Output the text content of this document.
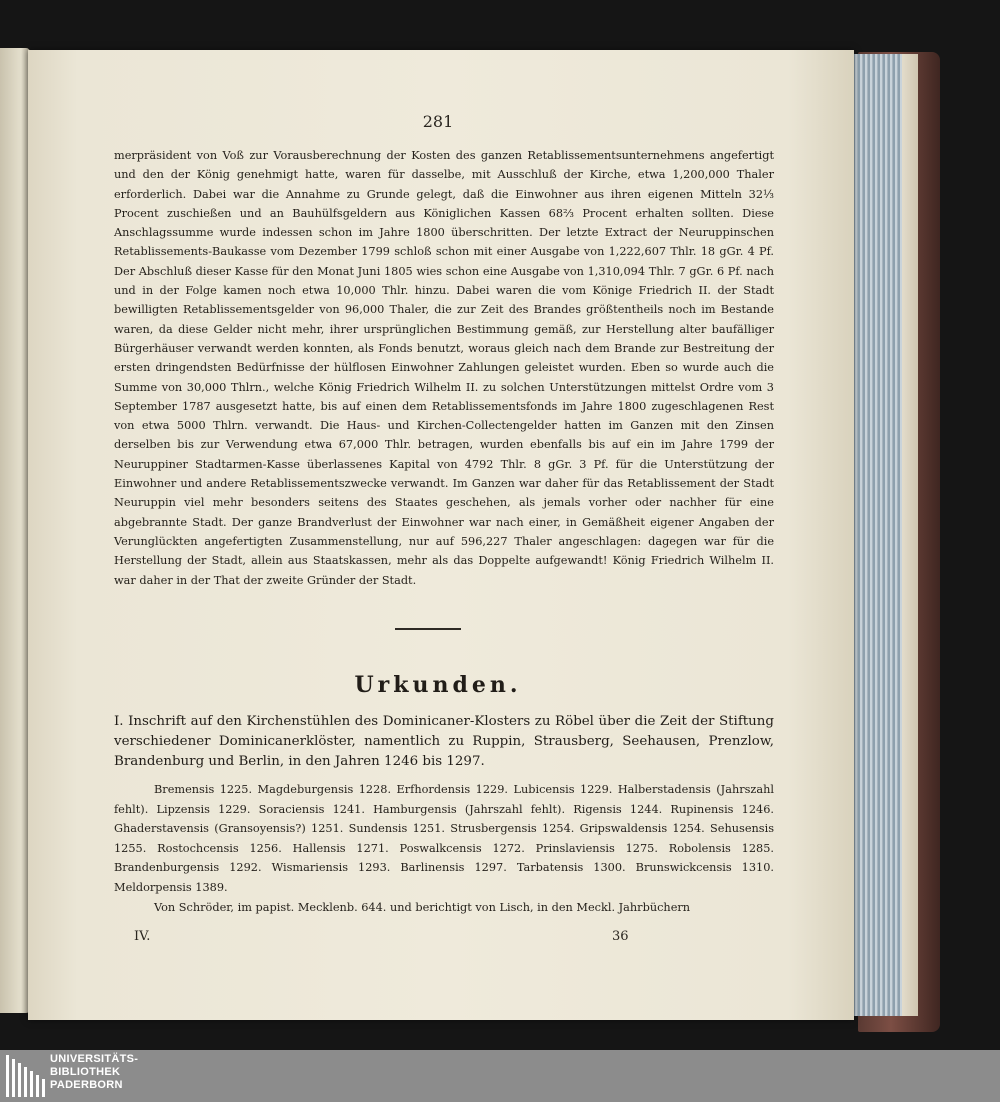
281

merpräsident von Voß zur Vorausberechnung der Kosten des ganzen Retablissementsunternehmens angefertigt und den der König genehmigt hatte, waren für dasselbe, mit Ausschluß der Kirche, etwa 1,200,000 Thaler erforderlich. Dabei war die Annahme zu Grunde gelegt, daß die Einwohner aus ihren eigenen Mitteln 32⅓ Procent zuschießen und an Bauhülfsgeldern aus Königlichen Kassen 68⅔ Procent erhalten sollten. Diese Anschlagssumme wurde indessen schon im Jahre 1800 überschritten. Der letzte Extract der Neuruppinschen Retablissements-Baukasse vom Dezember 1799 schloß schon mit einer Ausgabe von 1,222,607 Thlr. 18 gGr. 4 Pf. Der Abschluß dieser Kasse für den Monat Juni 1805 wies schon eine Ausgabe von 1,310,094 Thlr. 7 gGr. 6 Pf. nach und in der Folge kamen noch etwa 10,000 Thlr. hinzu. Dabei waren die vom Könige Friedrich II. der Stadt bewilligten Retablissementsgelder von 96,000 Thaler, die zur Zeit des Brandes größtentheils noch im Bestande waren, da diese Gelder nicht mehr, ihrer ursprünglichen Bestimmung gemäß, zur Herstellung alter baufälliger Bürgerhäuser verwandt werden konnten, als Fonds benutzt, woraus gleich nach dem Brande zur Bestreitung der ersten dringendsten Bedürfnisse der hülflosen Einwohner Zahlungen geleistet wurden. Eben so wurde auch die Summe von 30,000 Thlrn., welche König Friedrich Wilhelm II. zu solchen Unterstützungen mittelst Ordre vom 3 September 1787 ausgesetzt hatte, bis auf einen dem Retablissementsfonds im Jahre 1800 zugeschlagenen Rest von etwa 5000 Thlrn. verwandt. Die Haus- und Kirchen-Collectengelder hatten im Ganzen mit den Zinsen derselben bis zur Verwendung etwa 67,000 Thlr. betragen, wurden ebenfalls bis auf ein im Jahre 1799 der Neuruppiner Stadtarmen-Kasse überlassenes Kapital von 4792 Thlr. 8 gGr. 3 Pf. für die Unterstützung der Einwohner und andere Retablissementszwecke verwandt. Im Ganzen war daher für das Retablissement der Stadt Neuruppin viel mehr besonders seitens des Staates geschehen, als jemals vorher oder nachher für eine abgebrannte Stadt. Der ganze Brandverlust der Einwohner war nach einer, in Gemäßheit eigener Angaben der Verunglückten angefertigten Zusammenstellung, nur auf 596,227 Thaler angeschlagen: dagegen war für die Herstellung der Stadt, allein aus Staatskassen, mehr als das Doppelte aufgewandt! König Friedrich Wilhelm II. war daher in der That der zweite Gründer der Stadt.

Urkunden.
I. Inschrift auf den Kirchenstühlen des Dominicaner-Klosters zu Röbel über die Zeit der Stiftung verschiedener Dominicanerklöster, namentlich zu Ruppin, Strausberg, Seehausen, Prenzlow, Brandenburg und Berlin, in den Jahren 1246 bis 1297.

Bremensis 1225. Magdeburgensis 1228. Erfhordensis 1229. Lubicensis 1229. Halberstadensis (Jahrszahl fehlt). Lipzensis 1229. Soraciensis 1241. Hamburgensis (Jahrszahl fehlt). Rigensis 1244. Rupinensis 1246. Ghaderstavensis (Gransoyensis?) 1251. Sundensis 1251. Strusbergensis 1254. Gripswaldensis 1254. Sehusensis 1255. Rostochcensis 1256. Hallensis 1271. Poswalkcensis 1272. Prinslaviensis 1275. Robolensis 1285. Brandenburgensis 1292. Wismariensis 1293. Barlinensis 1297. Tarbatensis 1300. Brunswickcensis 1310. Meldorpensis 1389.

Von Schröder, im papist. Mecklenb. 644. und berichtigt von Lisch, in den Meckl. Jahrbüchern

IV.	36
UNIVERSITÄTS-
BIBLIOTHEK
PADERBORN
